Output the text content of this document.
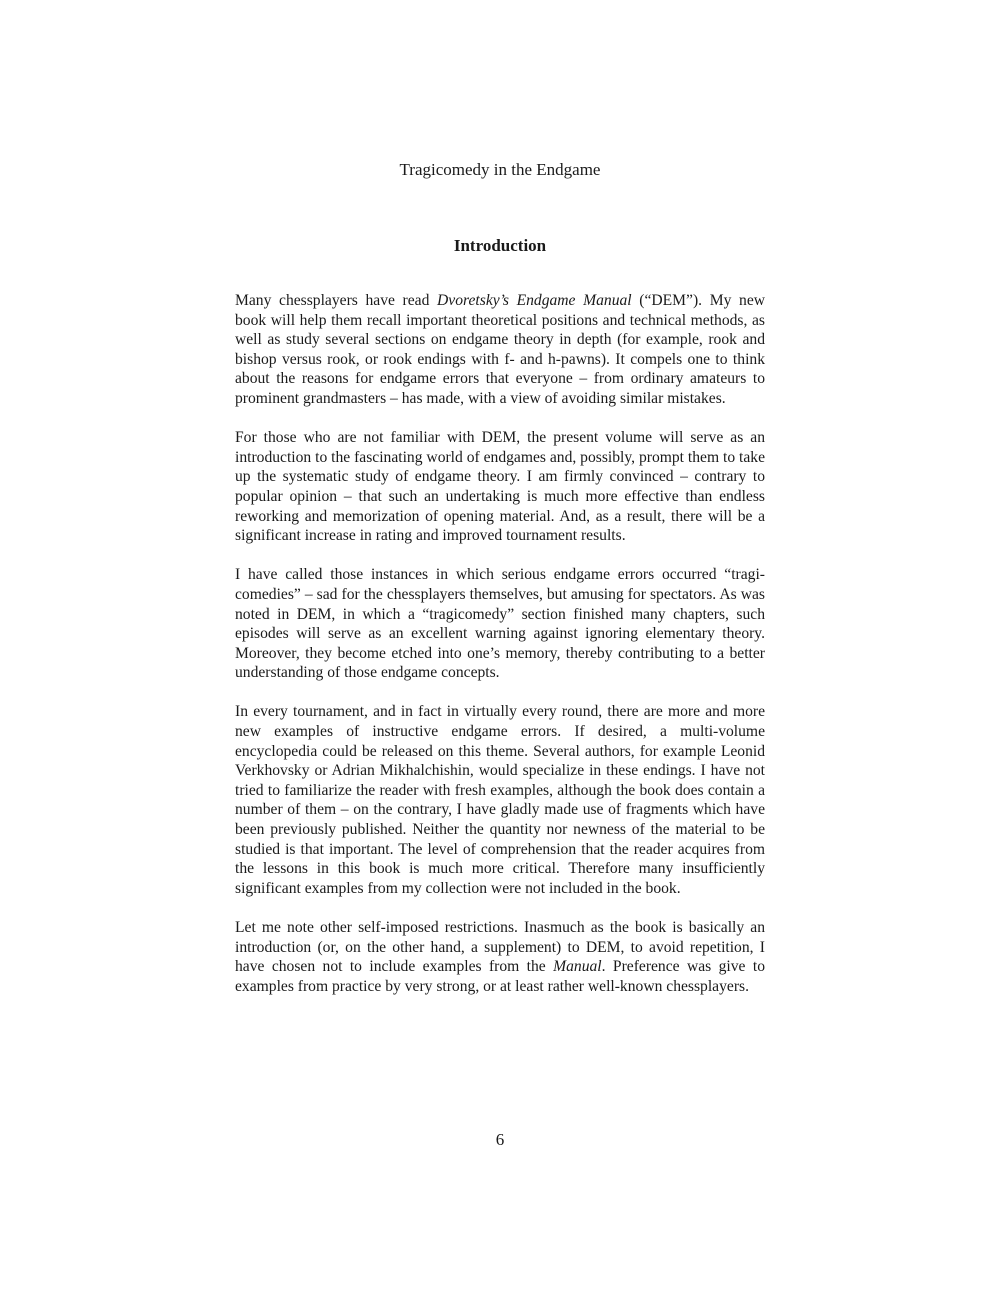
Tragicomedy in the Endgame
Introduction

Many chessplayers have read Dvoretsky’s Endgame Manual (“DEM”). My new book will help them recall important theoretical positions and technical methods, as well as study several sections on endgame theory in depth (for example, rook and bishop versus rook, or rook endings with f- and h-pawns). It compels one to think about the reasons for endgame errors that everyone – from ordinary amateurs to prominent grandmasters – has made, with a view of avoiding similar mistakes.

For those who are not familiar with DEM, the present volume will serve as an introduction to the fascinating world of endgames and, possibly, prompt them to take up the systematic study of endgame theory. I am firmly convinced – contrary to popular opinion – that such an undertaking is much more effective than endless reworking and memorization of opening material. And, as a result, there will be a significant increase in rating and improved tournament results.

I have called those instances in which serious endgame errors occurred “tragicomedies” – sad for the chessplayers themselves, but amusing for spectators. As was noted in DEM, in which a “tragicomedy” section finished many chapters, such episodes will serve as an excellent warning against ignoring elementary theory. Moreover, they become etched into one’s memory, thereby contributing to a better understanding of those endgame concepts.

In every tournament, and in fact in virtually every round, there are more and more new examples of instructive endgame errors. If desired, a multi-volume encyclopedia could be released on this theme. Several authors, for example Leonid Verkhovsky or Adrian Mikhalchishin, would specialize in these endings. I have not tried to familiarize the reader with fresh examples, although the book does contain a number of them – on the contrary, I have gladly made use of fragments which have been previously published. Neither the quantity nor newness of the material to be studied is that important. The level of comprehension that the reader acquires from the lessons in this book is much more critical. Therefore many insufficiently significant examples from my collection were not included in the book.

Let me note other self-imposed restrictions. Inasmuch as the book is basically an introduction (or, on the other hand, a supplement) to DEM, to avoid repetition, I have chosen not to include examples from the Manual. Preference was give to examples from practice by very strong, or at least rather well-known chessplayers.

6
